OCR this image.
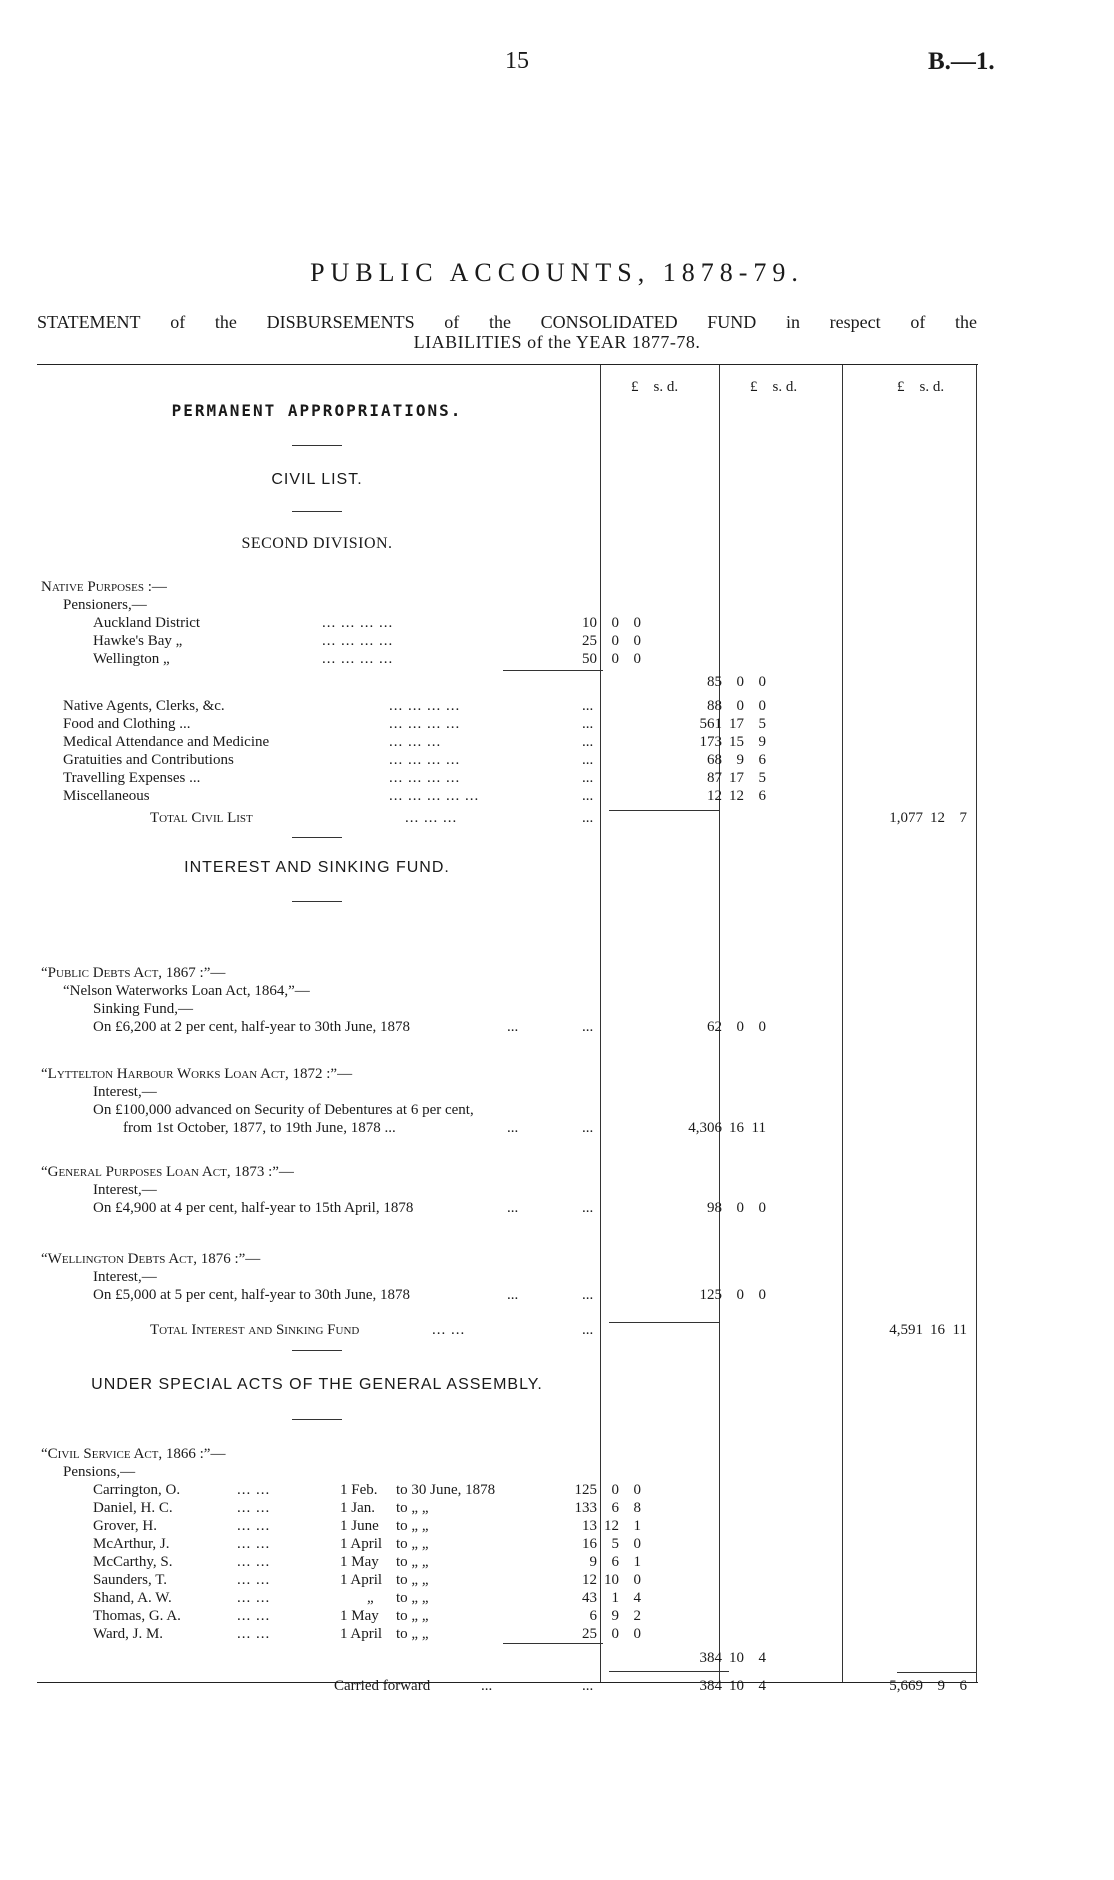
15	B.—1.
PUBLIC ACCOUNTS, 1878-79.
STATEMENT of the DISBURSEMENTS of the CONSOLIDATED FUND in respect of the
LIABILITIES of the YEAR 1877-78.
£ s. d.	£ s. d.	£ s. d.
PERMANENT APPROPRIATIONS.
CIVIL LIST.
SECOND DIVISION.
Native Purposes :—
Pensioners,—
Auckland District	... ... ... ...	10 0 0
Hawke's Bay „	... ... ... ...	25 0 0
Wellington „	... ... ... ...	50 0 0
85 0 0
Native Agents, Clerks, &c.	... ... ... ...	...	88 0 0
Food and Clothing ...	... ... ... ...	...	561 17 5
Medical Attendance and Medicine	... ... ...	...	173 15 9
Gratuities and Contributions	... ... ... ...	...	68 9 6
Travelling Expenses ...	... ... ... ...	...	87 17 5
Miscellaneous	... ... ... ... ...	...	12 12 6
Total Civil List	... ... ...	...	1,077 12 7
“Public Debts Act, 1867 :”—
“Nelson Waterworks Loan Act, 1864,”—
Sinking Fund,—
On £6,200 at 2 per cent, half-year to 30th June, 1878	...	...	62 0 0
“Lyttelton Harbour Works Loan Act, 1872 :”—
Interest,—
On £100,000 advanced on Security of Debentures at 6 per cent,
from 1st October, 1877, to 19th June, 1878 ...	...	...	4,306 16 11
“General Purposes Loan Act, 1873 :”—
Interest,—
On £4,900 at 4 per cent, half-year to 15th April, 1878	...	...	98 0 0
“Wellington Debts Act, 1876 :”—
Interest,—
On £5,000 at 5 per cent, half-year to 30th June, 1878	...	...	125 0 0
Total Interest and Sinking Fund	... ...	...	4,591 16 11
“Civil Service Act, 1866 :”—
Pensions,—
Carrington, O.	... ...	1 Feb. to 30 June, 1878	125 0 0
Daniel, H. C.	... ...	1 Jan. to „ „	133 6 8
Grover, H.	... ...	1 June to „ „	13 12 1
McArthur, J.	... ...	1 April to „ „	16 5 0
McCarthy, S.	... ...	1 May to „ „	9 6 1
Saunders, T.	... ...	1 April to „ „	12 10 0
Shand, A. W.	... ...	„ to „ „	43 1 4
Thomas, G. A.	... ...	1 May to „ „	6 9 2
Ward, J. M.	... ...	1 April to „ „	25 0 0
384 10 4
Carried forward	...	...	384 10 4	5,669 9 6
INTEREST AND SINKING FUND.
UNDER SPECIAL ACTS OF THE GENERAL ASSEMBLY.
